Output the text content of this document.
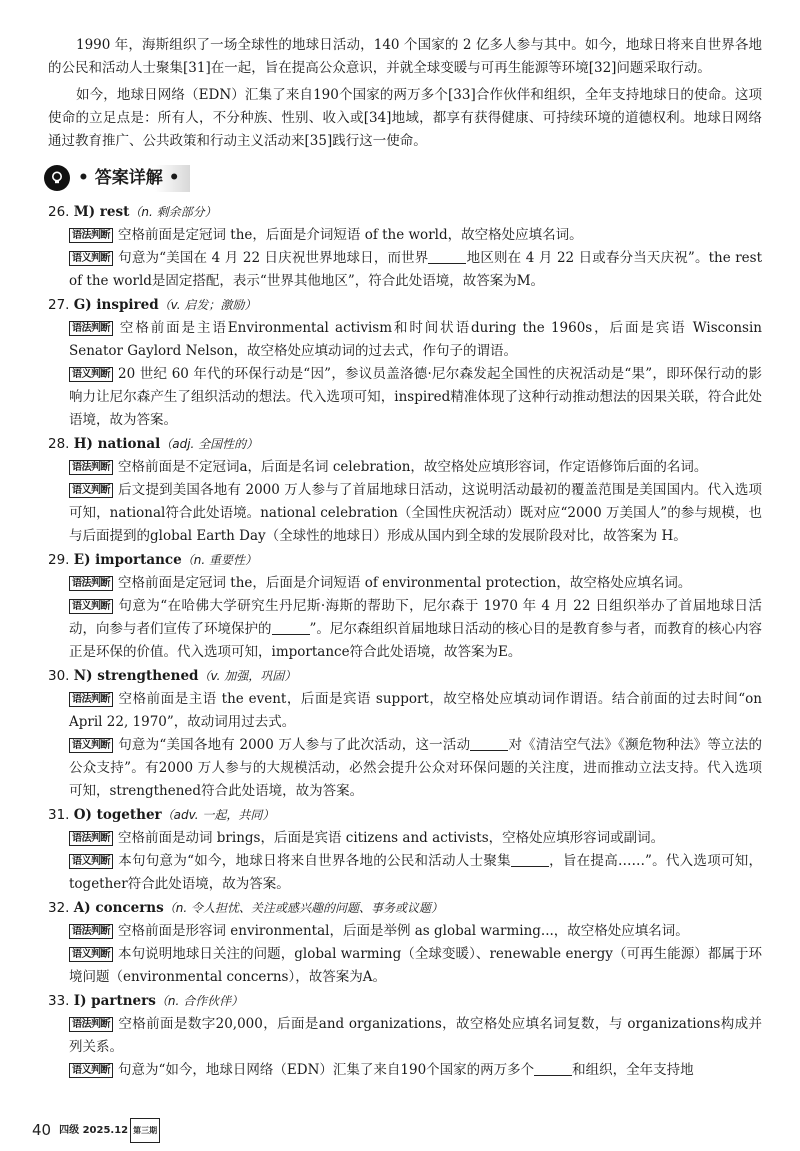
1990 年，海斯组织了一场全球性的地球日活动，140 个国家的 2 亿多人参与其中。如今，地球日将来自世界各地的公民和活动人士聚集[31]在一起，旨在提高公众意识，并就全球变暖与可再生能源等环境[32]问题采取行动。

如今，地球日网络（EDN）汇集了来自190个国家的两万多个[33]合作伙伴和组织，全年支持地球日的使命。这项使命的立足点是：所有人，不分种族、性别、收入或[34]地域，都享有获得健康、可持续环境的道德权利。地球日网络通过教育推广、公共政策和行动主义活动来[35]践行这一使命。

• 答案详解 •

26. M) rest（n. 剩余部分）

语法判断 空格前面是定冠词 the，后面是介词短语 of the world，故空格处应填名词。

语义判断 句意为“美国在 4 月 22 日庆祝世界地球日，而世界	地区则在 4 月 22 日或春分当天庆祝”。the rest of the world是固定搭配，表示“世界其他地区”，符合此处语境，故答案为M。

27. G) inspired（v. 启发；激励）

语法判断 空格前面是主语Environmental activism和时间状语during the 1960s，后面是宾语 Wisconsin Senator Gaylord Nelson，故空格处应填动词的过去式，作句子的谓语。

语义判断 20 世纪 60 年代的环保行动是“因”，参议员盖洛德·尼尔森发起全国性的庆祝活动是“果”，即环保行动的影响力让尼尔森产生了组织活动的想法。代入选项可知，inspired精准体现了这种行动推动想法的因果关联，符合此处语境，故为答案。

28. H) national（adj. 全国性的）

语法判断 空格前面是不定冠词a，后面是名词 celebration，故空格处应填形容词，作定语修饰后面的名词。

语义判断 后文提到美国各地有 2000 万人参与了首届地球日活动，这说明活动最初的覆盖范围是美国国内。代入选项可知，national符合此处语境。national celebration（全国性庆祝活动）既对应“2000 万美国人”的参与规模，也与后面提到的global Earth Day（全球性的地球日）形成从国内到全球的发展阶段对比，故答案为 H。

29. E) importance（n. 重要性）

语法判断 空格前面是定冠词 the，后面是介词短语 of environmental protection，故空格处应填名词。

语义判断 句意为“在哈佛大学研究生丹尼斯·海斯的帮助下，尼尔森于 1970 年 4 月 22 日组织举办了首届地球日活动，向参与者们宣传了环境保护的	”。尼尔森组织首届地球日活动的核心目的是教育参与者，而教育的核心内容正是环保的价值。代入选项可知，importance符合此处语境，故答案为E。

30. N) strengthened（v. 加强，巩固）

语法判断 空格前面是主语 the event，后面是宾语 support，故空格处应填动词作谓语。结合前面的过去时间“on April 22, 1970”，故动词用过去式。

语义判断 句意为“美国各地有 2000 万人参与了此次活动，这一活动	对《清洁空气法》《濒危物种法》等立法的公众支持”。有2000 万人参与的大规模活动，必然会提升公众对环保问题的关注度，进而推动立法支持。代入选项可知，strengthened符合此处语境，故为答案。

31. O) together（adv. 一起，共同）

语法判断 空格前面是动词 brings，后面是宾语 citizens and activists，空格处应填形容词或副词。

语义判断 本句句意为“如今，地球日将来自世界各地的公民和活动人士聚集	，旨在提高……”。代入选项可知，together符合此处语境，故为答案。

32. A) concerns（n. 令人担忧、关注或感兴趣的问题、事务或议题）

语法判断 空格前面是形容词 environmental，后面是举例 as global warming...，故空格处应填名词。

语义判断 本句说明地球日关注的问题，global warming（全球变暖）、renewable energy（可再生能源）都属于环境问题（environmental concerns），故答案为A。

33. I) partners（n. 合作伙伴）

语法判断 空格前面是数字20,000，后面是and organizations，故空格处应填名词复数，与 organizations构成并列关系。

语义判断 句意为“如今，地球日网络（EDN）汇集了来自190个国家的两万多个	和组织，全年支持地

40 四级 2025.12 第三期
